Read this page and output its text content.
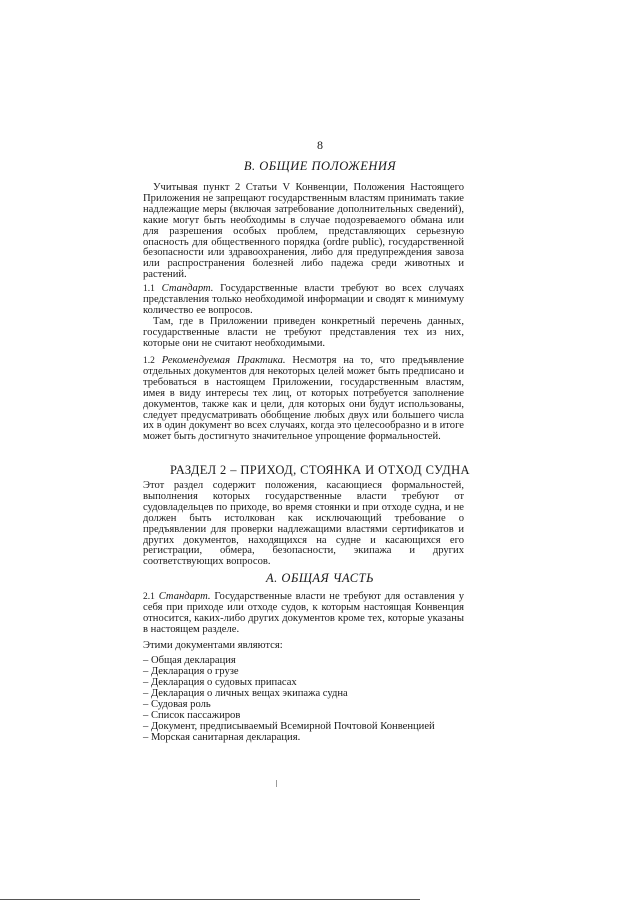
8
В. ОБЩИЕ ПОЛОЖЕНИЯ

Учитывая пункт 2 Статьи V Конвенции, Положения Настоящего Приложения не запрещают государственным властям принимать такие надлежащие меры (включая затребование дополнительных сведений), какие могут быть необходимы в случае подозреваемого обмана или для разрешения особых проблем, представляющих серьезную опасность для общественного порядка (ordre public), государственной безопасности или здравоохранения, либо для предупреждения завоза или распространения болезней либо падежа среди животных и растений.

1.1 Стандарт. Государственные власти требуют во всех случаях представления только необходимой информации и сводят к минимуму количество ее вопросов.

Там, где в Приложении приведен конкретный перечень данных, государственные власти не требуют представления тех из них, которые они не считают необходимыми.

1.2 Рекомендуемая Практика. Несмотря на то, что предъявление отдельных документов для некоторых целей может быть предписано и требоваться в настоящем Приложении, государственным властям, имея в виду интересы тех лиц, от которых потребуется заполнение документов, также как и цели, для которых они будут использованы, следует предусматривать обобщение любых двух или большего числа их в один документ во всех случаях, когда это целесообразно и в итоге может быть достигнуто значительное упрощение формальностей.

РАЗДЕЛ 2 – ПРИХОД, СТОЯНКА И ОТХОД СУДНА

Этот раздел содержит положения, касающиеся формальностей, выполнения которых государственные власти требуют от судовладельцев по приходе, во время стоянки и при отходе судна, и не должен быть истолкован как исключающий требование о предъявлении для проверки надлежащими властями сертификатов и других документов, находящихся на судне и касающихся его регистрации, обмера, безопасности, экипажа и других соответствующих вопросов.

А. ОБЩАЯ ЧАСТЬ

2.1 Стандарт. Государственные власти не требуют для оставления у себя при приходе или отходе судов, к которым настоящая Конвенция относится, каких-либо других документов кроме тех, которые указаны в настоящем разделе.

Этими документами являются:
– Общая декларация
– Декларация о грузе
– Декларация о судовых припасах
– Декларация о личных вещах экипажа судна
– Судовая роль
– Список пассажиров
– Документ, предписываемый Всемирной Почтовой Конвенцией
– Морская санитарная декларация.
